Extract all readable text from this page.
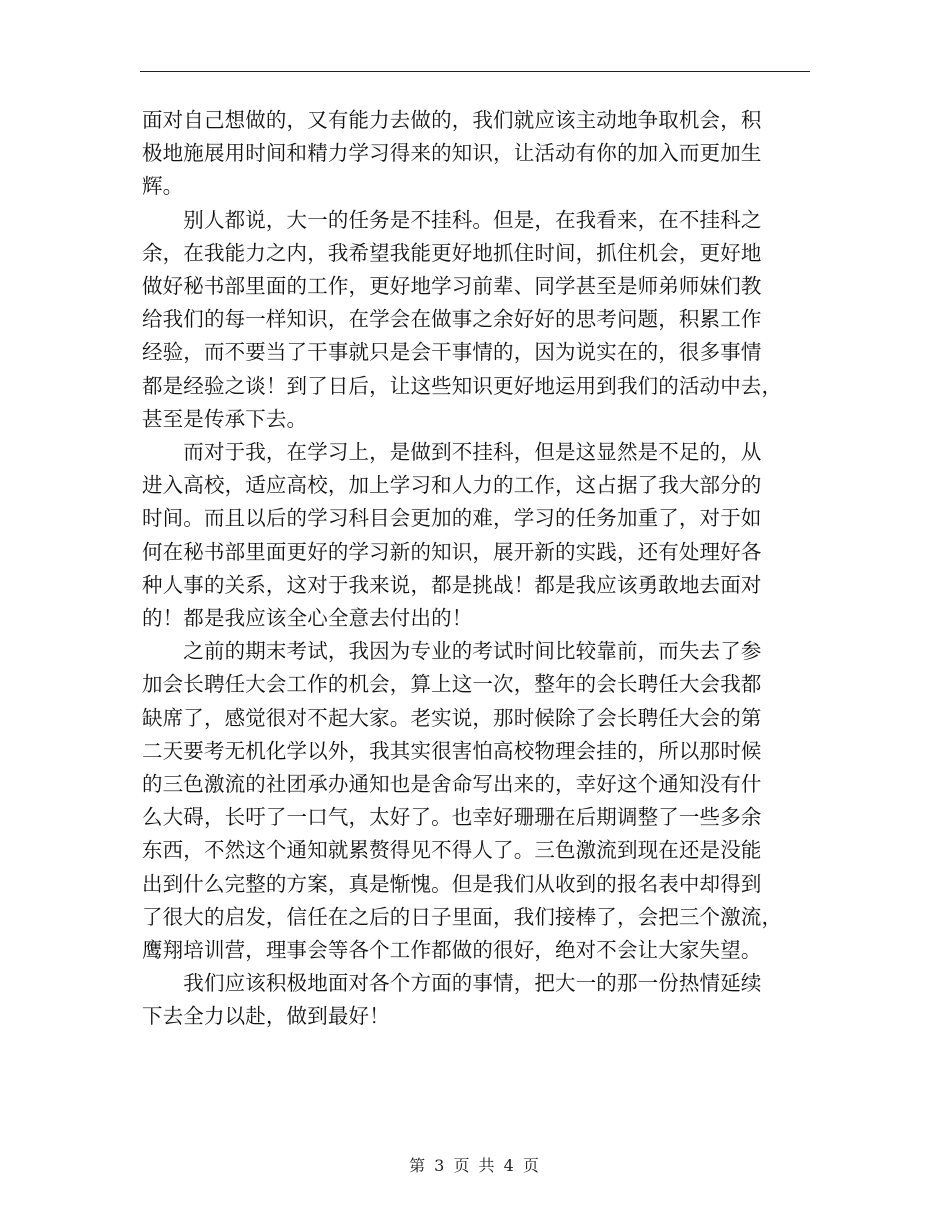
面对自己想做的，又有能力去做的，我们就应该主动地争取机会，积
极地施展用时间和精力学习得来的知识，让活动有你的加入而更加生
辉。

　　别人都说，大一的任务是不挂科。但是，在我看来，在不挂科之
余，在我能力之内，我希望我能更好地抓住时间，抓住机会，更好地
做好秘书部里面的工作，更好地学习前辈、同学甚至是师弟师妹们教
给我们的每一样知识，在学会在做事之余好好的思考问题，积累工作
经验，而不要当了干事就只是会干事情的，因为说实在的，很多事情
都是经验之谈！到了日后，让这些知识更好地运用到我们的活动中去，
甚至是传承下去。

　　而对于我，在学习上，是做到不挂科，但是这显然是不足的，从
进入高校，适应高校，加上学习和人力的工作，这占据了我大部分的
时间。而且以后的学习科目会更加的难，学习的任务加重了，对于如
何在秘书部里面更好的学习新的知识，展开新的实践，还有处理好各
种人事的关系，这对于我来说，都是挑战！都是我应该勇敢地去面对
的！都是我应该全心全意去付出的！

　　之前的期末考试，我因为专业的考试时间比较靠前，而失去了参
加会长聘任大会工作的机会，算上这一次，整年的会长聘任大会我都
缺席了，感觉很对不起大家。老实说，那时候除了会长聘任大会的第
二天要考无机化学以外，我其实很害怕高校物理会挂的，所以那时候
的三色激流的社团承办通知也是舍命写出来的，幸好这个通知没有什
么大碍，长吁了一口气，太好了。也幸好珊珊在后期调整了一些多余
东西，不然这个通知就累赘得见不得人了。三色激流到现在还是没能
出到什么完整的方案，真是惭愧。但是我们从收到的报名表中却得到
了很大的启发，信任在之后的日子里面，我们接棒了，会把三个激流，
鹰翔培训营，理事会等各个工作都做的很好，绝对不会让大家失望。

　　我们应该积极地面对各个方面的事情，把大一的那一份热情延续
下去全力以赴，做到最好！

第 3 页 共 4 页
